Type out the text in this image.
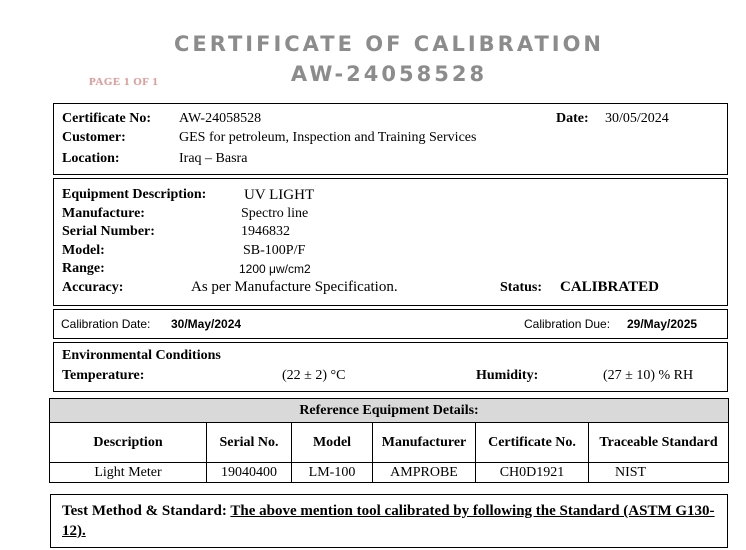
CERTIFICATE OF CALIBRATION
AW-24058528
PAGE 1 OF 1
Certificate No: AW-24058528	Date: 30/05/2024
Customer:	GES for petroleum, Inspection and Training Services
Location:	Iraq – Basra
Equipment Description:	UV LIGHT
Manufacture:	Spectro line
Serial Number:	1946832
Model:	SB-100P/F
Range:	1200 μw/cm2
Accuracy:	As per Manufacture Specification.	Status: CALIBRATED
Calibration Date: 30/May/2024	Calibration Due: 29/May/2025
Environmental Conditions
Temperature:	(22 ± 2) °C	Humidity:	(27 ± 10) % RH
Reference Equipment Details:					
Description	Serial No.	Model	Manufacturer	Certificate No.	Traceable Standard
Light Meter	19040400	LM-100	AMPROBE	CH0D1921	NIST
Test Method & Standard: The above mention tool calibrated by following the Standard (ASTM G130-12).
